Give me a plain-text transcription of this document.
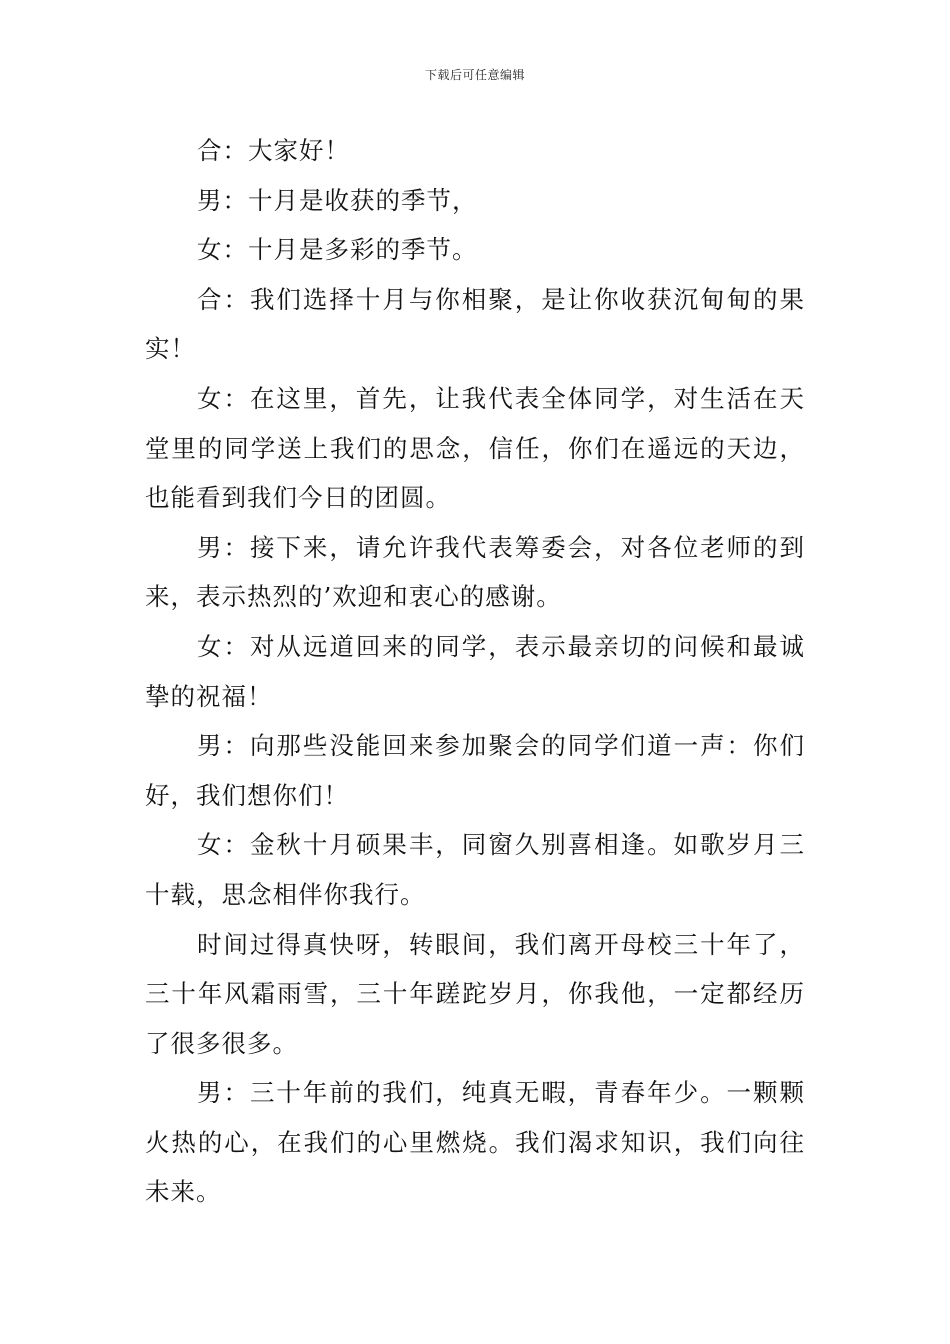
下载后可任意编辑

合：大家好！

男：十月是收获的季节，

女：十月是多彩的季节。

合：我们选择十月与你相聚，是让你收获沉甸甸的果实！

女：在这里，首先，让我代表全体同学，对生活在天堂里的同学送上我们的思念，信任，你们在遥远的天边，也能看到我们今日的团圆。

男：接下来，请允许我代表筹委会，对各位老师的到来，表示热烈的’欢迎和衷心的感谢。

女：对从远道回来的同学，表示最亲切的问候和最诚挚的祝福！

男：向那些没能回来参加聚会的同学们道一声：你们好，我们想你们！

女：金秋十月硕果丰，同窗久别喜相逢。如歌岁月三十载，思念相伴你我行。

时间过得真快呀，转眼间，我们离开母校三十年了，三十年风霜雨雪，三十年蹉跎岁月，你我他，一定都经历了很多很多。

男：三十年前的我们，纯真无暇，青春年少。一颗颗火热的心，在我们的心里燃烧。我们渴求知识，我们向往未来。
